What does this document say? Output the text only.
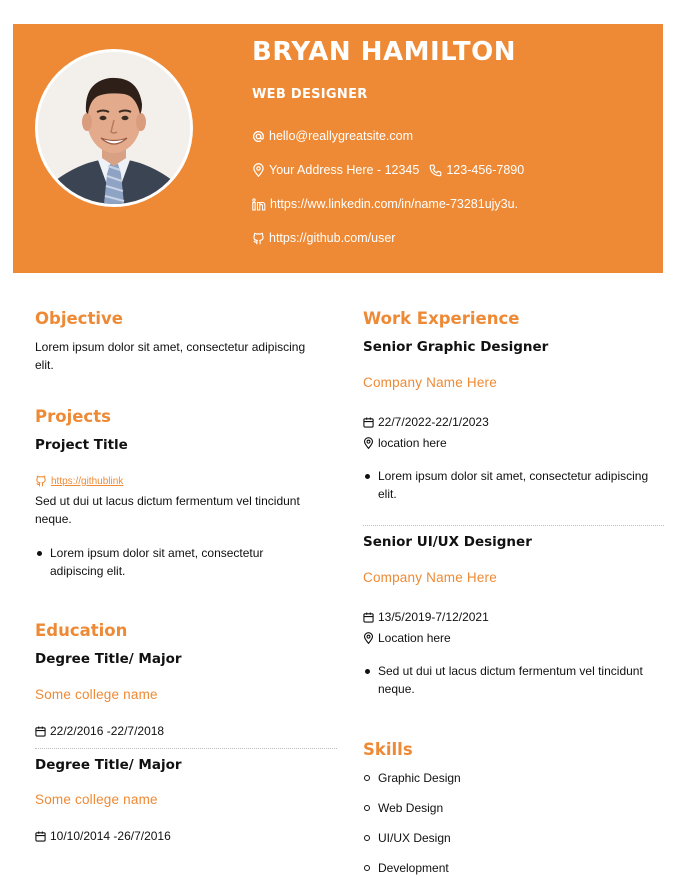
BRYAN HAMILTON
WEB DESIGNER
hello@reallygreatsite.com
Your Address Here - 12345 123-456-7890
https://ww.linkedin.com/in/name-73281ujy3u.
https://github.com/user
Objective
Lorem ipsum dolor sit amet, consectetur adipiscing elit.
Projects
Project Title
https://githublink
Sed ut dui ut lacus dictum fermentum vel tincidunt neque.
Lorem ipsum dolor sit amet, consectetur adipiscing elit.
Education
Degree Title/ Major
Some college name
22/2/2016 -22/7/2018
Degree Title/ Major
Some college name
10/10/2014 -26/7/2016
Work Experience
Senior Graphic Designer
Company Name Here
22/7/2022-22/1/2023
location here
Lorem ipsum dolor sit amet, consectetur adipiscing elit.
Senior UI/UX Designer
Company Name Here
13/5/2019-7/12/2021
Location here
Sed ut dui ut lacus dictum fermentum vel tincidunt neque.
Skills
Graphic Design
Web Design
UI/UX Design
Development
